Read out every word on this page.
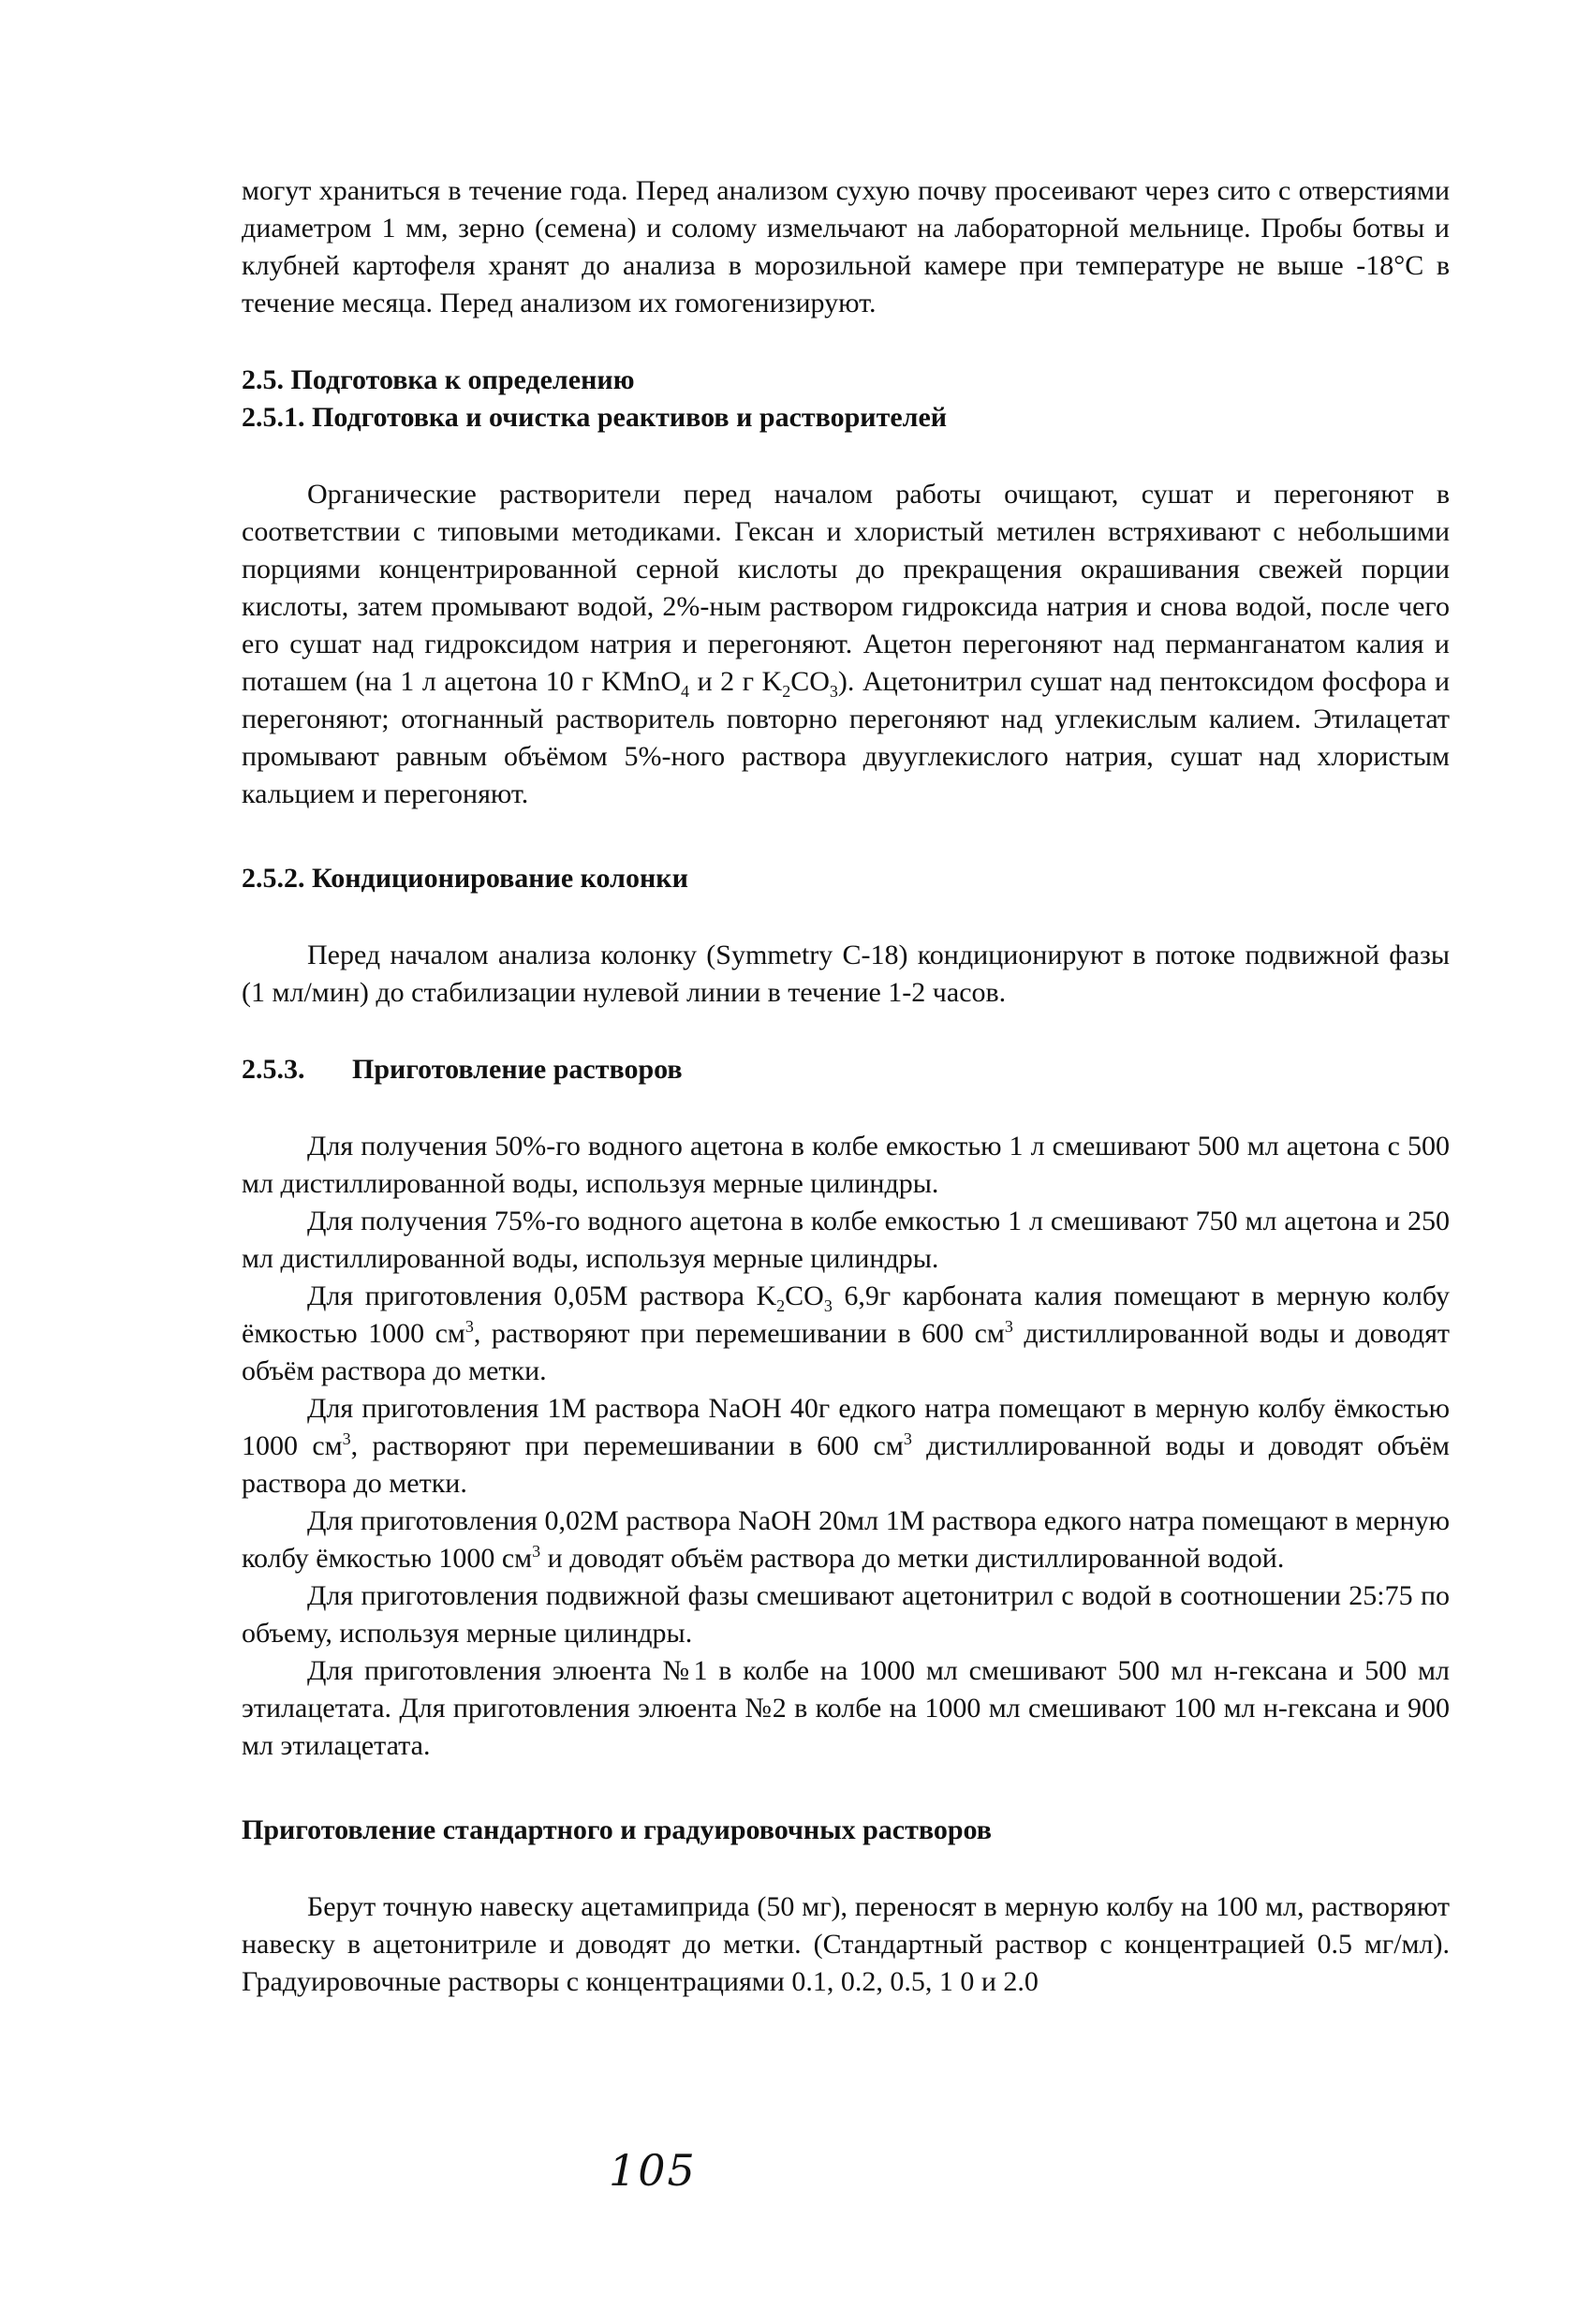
могут храниться в течение года. Перед анализом сухую почву просеивают через сито с отверстиями диаметром 1 мм, зерно (семена) и солому измельчают на лабораторной мельнице. Пробы ботвы и клубней картофеля хранят до анализа в морозильной камере при температуре не выше -18°С в течение месяца. Перед анализом их гомогенизируют.

2.5. Подготовка к определению
2.5.1. Подготовка и очистка реактивов и растворителей

Органические растворители перед началом работы очищают, сушат и перегоняют в соответствии с типовыми методиками. Гексан и хлористый метилен встряхивают с небольшими порциями концентрированной серной кислоты до прекращения окрашивания свежей порции кислоты, затем промывают водой, 2%-ным раствором гидроксида натрия и снова водой, после чего его сушат над гидроксидом натрия и перегоняют. Ацетон перегоняют над перманганатом калия и поташем (на 1 л ацетона 10 г KMnO$_4$ и 2 г $K_2CO_3$). Ацетонитрил сушат над пентоксидом фосфора и перегоняют; отогнанный растворитель повторно перегоняют над углекислым калием. Этилацетат промывают равным объёмом 5%-ного раствора двууглекислого натрия, сушат над хлористым кальцием и перегоняют.

2.5.2. Кондиционирование колонки

Перед началом анализа колонку (Symmetry C-18) кондиционируют в потоке подвижной фазы (1 мл/мин) до стабилизации нулевой линии в течение 1-2 часов.

2.5.3. Приготовление растворов

Для получения 50%-го водного ацетона в колбе емкостью 1 л смешивают 500 мл ацетона с 500 мл дистиллированной воды, используя мерные цилиндры.

Для получения 75%-го водного ацетона в колбе емкостью 1 л смешивают 750 мл ацетона и 250 мл дистиллированной воды, используя мерные цилиндры.

Для приготовления 0,05М раствора $K_2CO_3$ 6,9г карбоната калия помещают в мерную колбу ёмкостью 1000 $см^3$, растворяют при перемешивании в 600 $см^3$ дистиллированной воды и доводят объём раствора до метки.

Для приготовления 1М раствора NaOH 40г едкого натра помещают в мерную колбу ёмкостью 1000 $см^3$, растворяют при перемешивании в 600 $см^3$ дистиллированной воды и доводят объём раствора до метки.

Для приготовления 0,02М раствора NaOH 20мл 1М раствора едкого натра помещают в мерную колбу ёмкостью 1000 $см^3$ и доводят объём раствора до метки дистиллированной водой.

Для приготовления подвижной фазы смешивают ацетонитрил с водой в соотношении 25:75 по объему, используя мерные цилиндры.

Для приготовления элюента №1 в колбе на 1000 мл смешивают 500 мл н-гексана и 500 мл этилацетата. Для приготовления элюента №2 в колбе на 1000 мл смешивают 100 мл н-гексана и 900 мл этилацетата.

Приготовление стандартного и градуировочных растворов

Берут точную навеску ацетамиприда (50 мг), переносят в мерную колбу на 100 мл, растворяют навеску в ацетонитриле и доводят до метки. (Стандартный раствор с концентрацией 0.5 мг/мл). Градуировочные растворы с концентрациями 0.1, 0.2, 0.5, 1 0 и 2.0

105
